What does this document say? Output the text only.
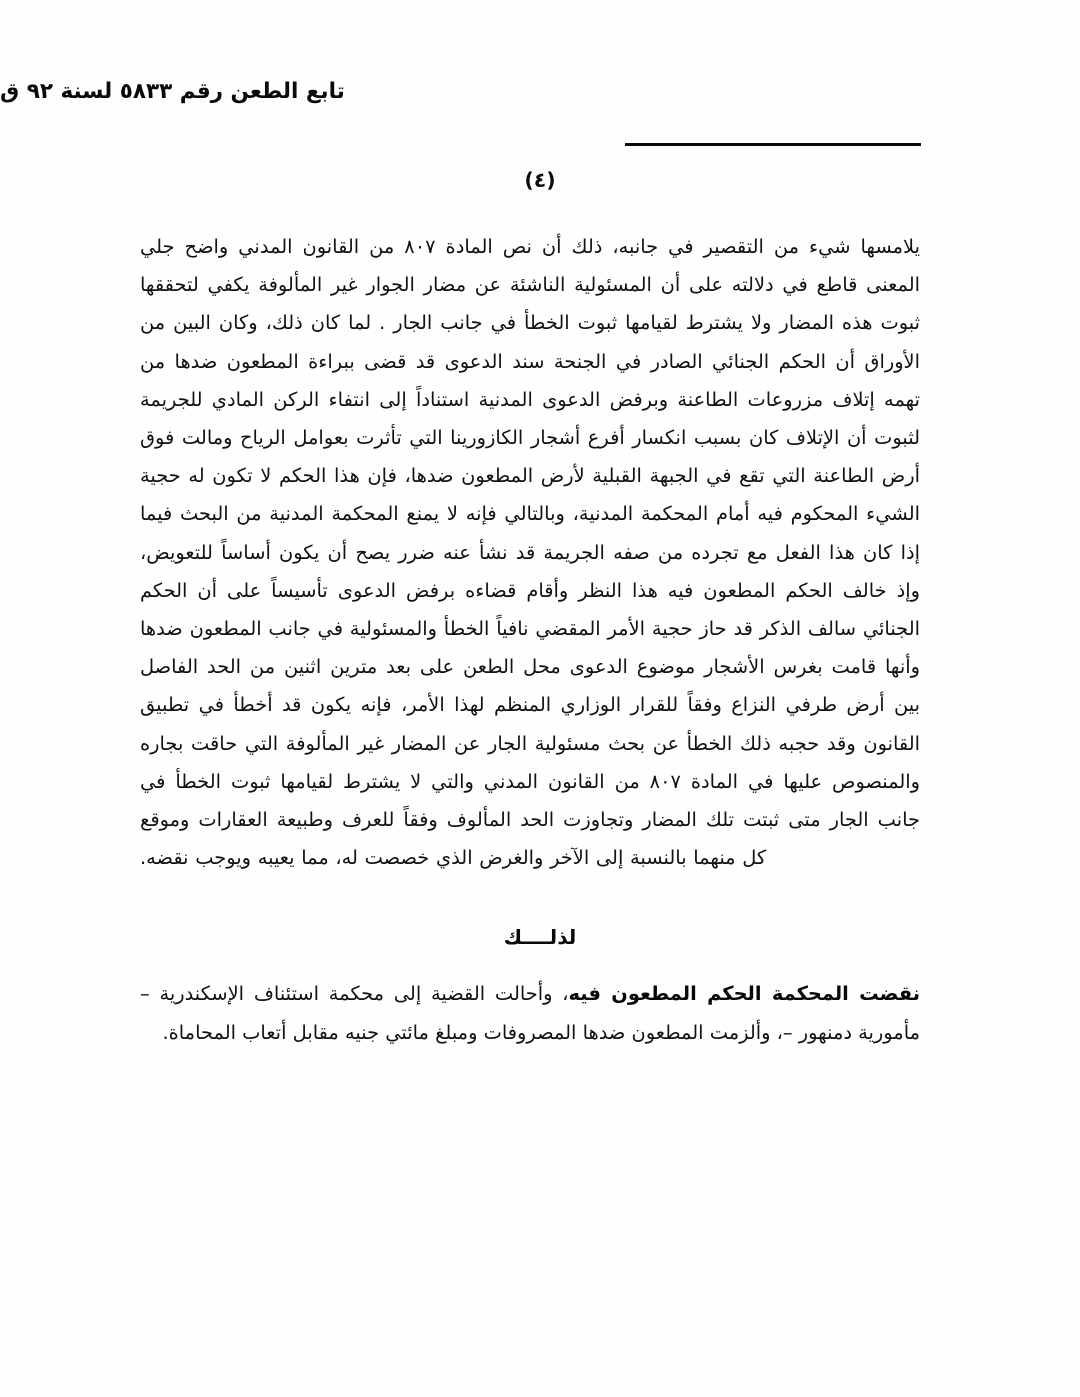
تابع الطعن رقم ٥٨٣٣ لسنة ٩٢ ق
(٤)

يلامسها شيء من التقصير في جانبه، ذلك أن نص المادة ٨٠٧ من القانون المدني واضح جلي المعنى قاطع في دلالته على أن المسئولية الناشئة عن مضار الجوار غير المألوفة يكفي لتحققها ثبوت هذه المضار ولا يشترط لقيامها ثبوت الخطأ في جانب الجار . لما كان ذلك، وكان البين من الأوراق أن الحكم الجنائي الصادر في الجنحة سند الدعوى قد قضى ببراءة المطعون ضدها من تهمه إتلاف مزروعات الطاعنة وبرفض الدعوى المدنية استناداً إلى انتفاء الركن المادي للجريمة لثبوت أن الإتلاف كان بسبب انكسار أفرع أشجار الكازورينا التي تأثرت بعوامل الرياح ومالت فوق أرض الطاعنة التي تقع في الجبهة القبلية لأرض المطعون ضدها، فإن هذا الحكم لا تكون له حجية الشيء المحكوم فيه أمام المحكمة المدنية، وبالتالي فإنه لا يمنع المحكمة المدنية من البحث فيما إذا كان هذا الفعل مع تجرده من صفه الجريمة قد نشأ عنه ضرر يصح أن يكون أساساً للتعويض، وإذ خالف الحكم المطعون فيه هذا النظر وأقام قضاءه برفض الدعوى تأسيساً على أن الحكم الجنائي سالف الذكر قد حاز حجية الأمر المقضي نافياً الخطأ والمسئولية في جانب المطعون ضدها وأنها قامت بغرس الأشجار موضوع الدعوى محل الطعن على بعد مترين اثنين من الحد الفاصل بين أرض طرفي النزاع وفقاً للقرار الوزاري المنظم لهذا الأمر، فإنه يكون قد أخطأ في تطبيق القانون وقد حجبه ذلك الخطأ عن بحث مسئولية الجار عن المضار غير المألوفة التي حاقت بجاره والمنصوص عليها في المادة ٨٠٧ من القانون المدني والتي لا يشترط لقيامها ثبوت الخطأ في جانب الجار متى ثبتت تلك المضار وتجاوزت الحد المألوف وفقاً للعرف وطبيعة العقارات وموقع كل منهما بالنسبة إلى الآخر والغرض الذي خصصت له، مما يعيبه ويوجب نقضه.

لذلــــك

نقضت المحكمة الحكم المطعون فيه، وأحالت القضية إلى محكمة استئناف الإسكندرية – مأمورية دمنهور –، وألزمت المطعون ضدها المصروفات ومبلغ مائتي جنيه مقابل أتعاب المحاماة.
